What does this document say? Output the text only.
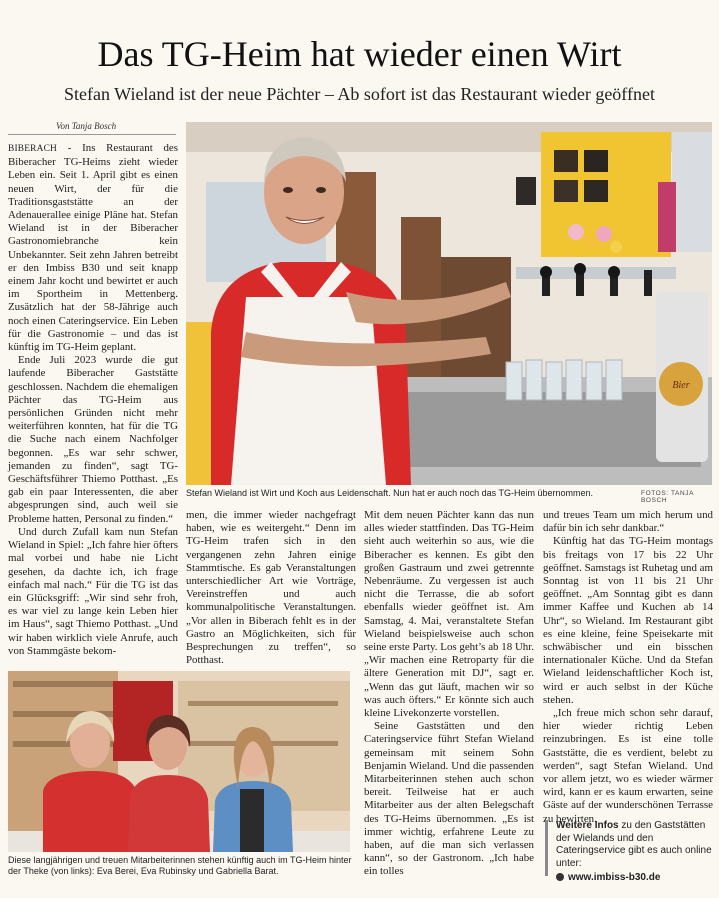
Das TG-Heim hat wieder einen Wirt
Stefan Wieland ist der neue Pächter – Ab sofort ist das Restaurant wieder geöffnet
Von Tanja Bosch

BIBERACH - Ins Restaurant des Biberacher TG-Heims zieht wieder Leben ein. Seit 1. April gibt es einen neuen Wirt, der für die Traditionsgaststätte an der Adenauerallee einige Pläne hat. Stefan Wieland ist in der Biberacher Gastronomiebranche kein Unbekannter. Seit zehn Jahren betreibt er den Imbiss B30 und seit knapp einem Jahr kocht und bewirtet er auch im Sportheim in Mettenberg. Zusätzlich hat der 58-Jährige auch noch einen Cateringservice. Ein Leben für die Gastronomie – und das ist künftig im TG-Heim geplant.

Ende Juli 2023 wurde die gut laufende Biberacher Gaststätte geschlossen. Nachdem die ehemaligen Pächter das TG-Heim aus persönlichen Gründen nicht mehr weiterführen konnten, hat für die TG die Suche nach einem Nachfolger begonnen. „Es war sehr schwer, jemanden zu finden“, sagt TG-Geschäftsführer Thiemo Potthast. „Es gab ein paar Interessenten, die aber abgesprungen sind, auch weil sie Probleme hatten, Personal zu finden.“

Und durch Zufall kam nun Stefan Wieland in Spiel: „Ich fahre hier öfters mal vorbei und habe nie Licht gesehen, da dachte ich, ich frage einfach mal nach.“ Für die TG ist das ein Glücksgriff: „Wir sind sehr froh, es war viel zu lange kein Leben hier im Haus“, sagt Thiemo Potthast. „Und wir haben wirklich viele Anrufe, auch von Stammgäste bekom-

Bier
Stefan Wieland ist Wirt und Koch aus Leidenschaft. Nun hat er auch noch das TG-Heim übernommen.	FOTOS: TANJA BOSCH

men, die immer wieder nachgefragt haben, wie es weitergeht.“ Denn im TG-Heim trafen sich in den vergangenen zehn Jahren einige Stammtische. Es gab Veranstaltungen unterschiedlicher Art wie Vorträge, Vereinstreffen und auch kommunalpolitische Veranstaltungen. „Vor allen in Biberach fehlt es in der Gastro an Möglichkeiten, sich für Besprechungen zu treffen“, so Potthast.

Mit dem neuen Pächter kann das nun alles wieder stattfinden. Das TG-Heim sieht auch weiterhin so aus, wie die Biberacher es kennen. Es gibt den großen Gastraum und zwei getrennte Nebenräume. Zu vergessen ist auch nicht die Terrasse, die ab sofort ebenfalls wieder geöffnet ist. Am Samstag, 4. Mai, veranstaltete Stefan Wieland beispielsweise auch schon seine erste Party. Los geht’s ab 18 Uhr. „Wir machen eine Retroparty für die ältere Generation mit DJ“, sagt er. „Wenn das gut läuft, machen wir so was auch öfters.“ Er könnte sich auch kleine Livekonzerte vorstellen.

Seine Gaststätten und den Cateringservice führt Stefan Wieland gemeinsam mit seinem Sohn Benjamin Wieland. Und die passenden Mitarbeiterinnen stehen auch schon bereit. Teilweise hat er auch Mitarbeiter aus der alten Belegschaft des TG-Heims übernommen. „Es ist immer wichtig, erfahrene Leute zu haben, auf die man sich verlassen kann“, so der Gastronom. „Ich habe ein tolles

und treues Team um mich herum und dafür bin ich sehr dankbar.“

Künftig hat das TG-Heim montags bis freitags von 17 bis 22 Uhr geöffnet. Samstags ist Ruhetag und am Sonntag ist von 11 bis 21 Uhr geöffnet. „Am Sonntag gibt es dann immer Kaffee und Kuchen ab 14 Uhr“, so Wieland. Im Restaurant gibt es eine kleine, feine Speisekarte mit schwäbischer und ein bisschen internationaler Küche. Und da Stefan Wieland leidenschaftlicher Koch ist, wird er auch selbst in der Küche stehen.

„Ich freue mich schon sehr darauf, hier wieder richtig Leben reinzubringen. Es ist eine tolle Gaststätte, die es verdient, belebt zu werden“, sagt Stefan Wieland. Und vor allem jetzt, wo es wieder wärmer wird, kann er es kaum erwarten, seine Gäste auf der wunderschönen Terrasse zu bewirten.

Diese langjährigen und treuen Mitarbeiterinnen stehen künftig auch im TG-Heim hinter der Theke (von links): Eva Berei, Eva Rubinsky und Gabriella Barat.
Weitere Infos zu den Gaststätten der Wielands und den Cateringservice gibt es auch online unter:
www.imbiss-b30.de
